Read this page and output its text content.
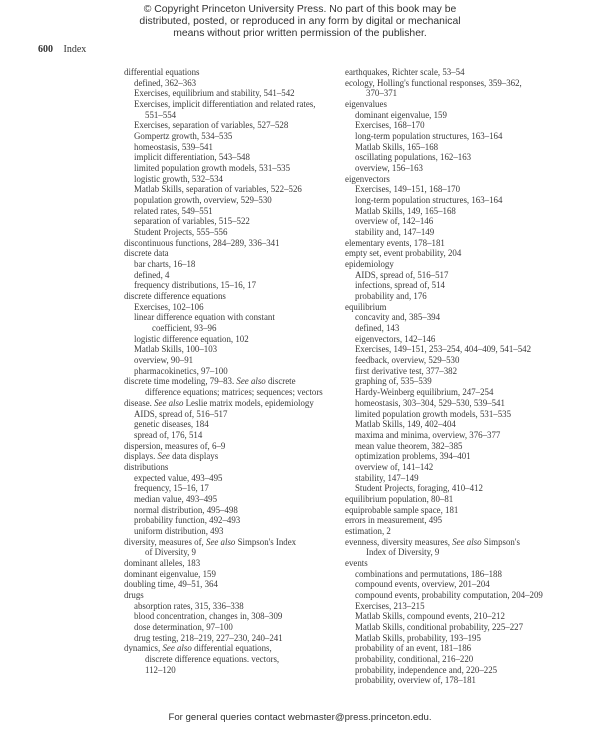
© Copyright Princeton University Press. No part of this book may be
distributed, posted, or reproduced in any form by digital or mechanical
means without prior written permission of the publisher.
600 Index
differential equations
defined, 362–363
Exercises, equilibrium and stability, 541–542
Exercises, implicit differentiation and related rates,
551–554
Exercises, separation of variables, 527–528
Gompertz growth, 534–535
homeostasis, 539–541
implicit differentiation, 543–548
limited population growth models, 531–535
logistic growth, 532–534
Matlab Skills, separation of variables, 522–526
population growth, overview, 529–530
related rates, 549–551
separation of variables, 515–522
Student Projects, 555–556
discontinuous functions, 284–289, 336–341
discrete data
bar charts, 16–18
defined, 4
frequency distributions, 15–16, 17
discrete difference equations
Exercises, 102–106
linear difference equation with constant
coefficient, 93–96
logistic difference equation, 102
Matlab Skills, 100–103
overview, 90–91
pharmacokinetics, 97–100
discrete time modeling, 79–83. See also discrete
difference equations; matrices; sequences; vectors
disease. See also Leslie matrix models, epidemiology
AIDS, spread of, 516–517
genetic diseases, 184
spread of, 176, 514
dispersion, measures of, 6–9
displays. See data displays
distributions
expected value, 493–495
frequency, 15–16, 17
median value, 493–495
normal distribution, 495–498
probability function, 492–493
uniform distribution, 493
diversity, measures of, See also Simpson's Index
of Diversity, 9
dominant alleles, 183
dominant eigenvalue, 159
doubling time, 49–51, 364
drugs
absorption rates, 315, 336–338
blood concentration, changes in, 308–309
dose determination, 97–100
drug testing, 218–219, 227–230, 240–241
dynamics, See also differential equations,
discrete difference equations. vectors,
112–120
earthquakes, Richter scale, 53–54
ecology, Holling's functional responses, 359–362,
370–371
eigenvalues
dominant eigenvalue, 159
Exercises, 168–170
long-term population structures, 163–164
Matlab Skills, 165–168
oscillating populations, 162–163
overview, 156–163
eigenvectors
Exercises, 149–151, 168–170
long-term population structures, 163–164
Matlab Skills, 149, 165–168
overview of, 142–146
stability and, 147–149
elementary events, 178–181
empty set, event probability, 204
epidemiology
AIDS, spread of, 516–517
infections, spread of, 514
probability and, 176
equilibrium
concavity and, 385–394
defined, 143
eigenvectors, 142–146
Exercises, 149–151, 253–254, 404–409, 541–542
feedback, overview, 529–530
first derivative test, 377–382
graphing of, 535–539
Hardy-Weinberg equilibrium, 247–254
homeostasis, 303–304, 529–530, 539–541
limited population growth models, 531–535
Matlab Skills, 149, 402–404
maxima and minima, overview, 376–377
mean value theorem, 382–385
optimization problems, 394–401
overview of, 141–142
stability, 147–149
Student Projects, foraging, 410–412
equilibrium population, 80–81
equiprobable sample space, 181
errors in measurement, 495
estimation, 2
evenness, diversity measures, See also Simpson's
Index of Diversity, 9
events
combinations and permutations, 186–188
compound events, overview, 201–204
compound events, probability computation, 204–209
Exercises, 213–215
Matlab Skills, compound events, 210–212
Matlab Skills, conditional probability, 225–227
Matlab Skills, probability, 193–195
probability of an event, 181–186
probability, conditional, 216–220
probability, independence and, 220–225
probability, overview of, 178–181
For general queries contact webmaster@press.princeton.edu.
